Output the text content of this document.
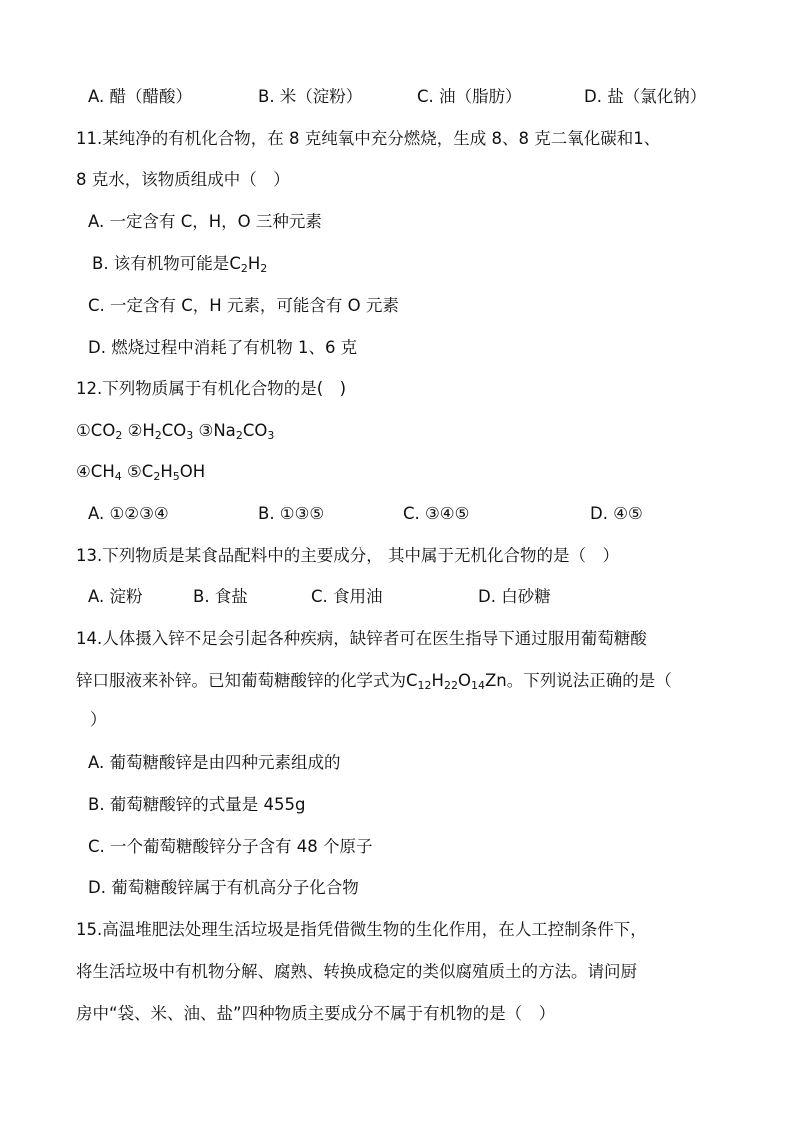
A. 醋（醋酸）	B. 米（淀粉）	C. 油（脂肪）	D. 盐（氯化钠）
11.某纯净的有机化合物，在 8 克纯氧中充分燃烧，生成 8、8 克二氧化碳和1、
8 克水，该物质组成中（　）
A. 一定含有 C，H，O 三种元素
B. 该有机物可能是$C_2H_2$
C. 一定含有 C，H 元素，可能含有 O 元素
D. 燃烧过程中消耗了有机物 1、6 克
12.下列物质属于有机化合物的是(　)
$①CO_2$ $②H_2CO_3$ $③Na_2CO_3$
$④CH_4$ $⑤C_2H_5OH$
A. ①②③④	B. ①③⑤	C. ③④⑤	D. ④⑤
13.下列物质是某食品配料中的主要成分， 其中属于无机化合物的是（　）
A. 淀粉	B. 食盐	C. 食用油	D. 白砂糖
14.人体摄入锌不足会引起各种疾病，缺锌者可在医生指导下通过服用葡萄糖酸
锌口服液来补锌。已知葡萄糖酸锌的化学式为$C_{12}H_{22}O_{14}Zn$。下列说法正确的是（
）
A. 葡萄糖酸锌是由四种元素组成的
B. 葡萄糖酸锌的式量是 455g
C. 一个葡萄糖酸锌分子含有 48 个原子
D. 葡萄糖酸锌属于有机高分子化合物
15.高温堆肥法处理生活垃圾是指凭借微生物的生化作用，在人工控制条件下，
将生活垃圾中有机物分解、腐熟、转换成稳定的类似腐殖质土的方法。请问厨
房中“袋、米、油、盐”四种物质主要成分不属于有机物的是（　）
